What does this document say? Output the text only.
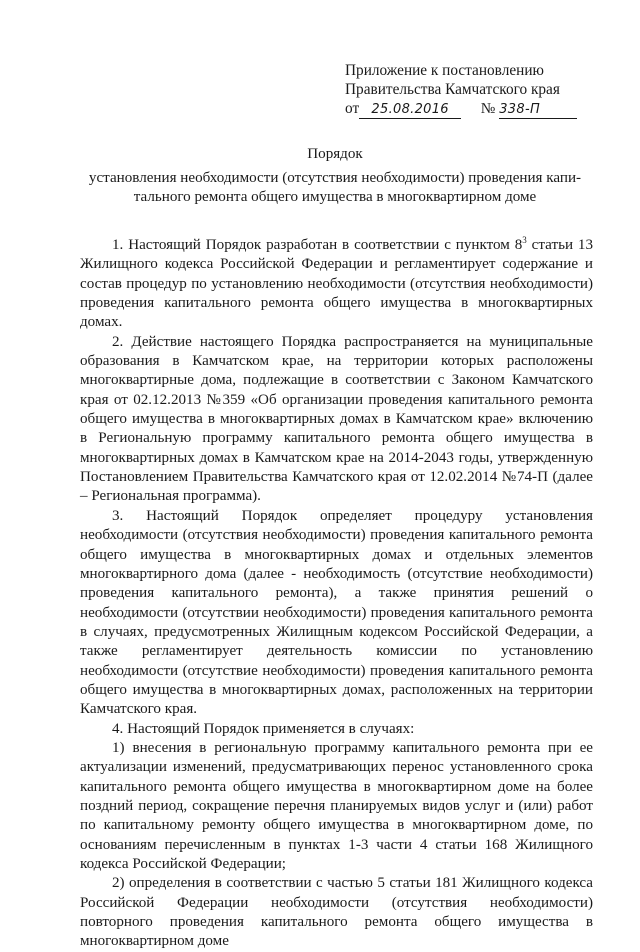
Приложение к постановлению
Правительства Камчатского края
от 25.08.2016 № 338-П
Порядок
установления необходимости (отсутствия необходимости) проведения капи-
тального ремонта общего имущества в многоквартирном доме

1. Настоящий Порядок разработан в соответствии с пунктом $8^3$ статьи 13 Жилищного кодекса Российской Федерации и регламентирует содержание и состав процедур по установлению необходимости (отсутствия необходимости) проведения капитального ремонта общего имущества в многоквартирных домах.

2. Действие настоящего Порядка распространяется на муниципальные образования в Камчатском крае, на территории которых расположены многоквартирные дома, подлежащие в соответствии с Законом Камчатского края от 02.12.2013 №359 «Об организации проведения капитального ремонта общего имущества в многоквартирных домах в Камчатском крае» включению в Региональную программу капитального ремонта общего имущества в многоквартирных домах в Камчатском крае на 2014-2043 годы, утвержденную Постановлением Правительства Камчатского края от 12.02.2014 №74-П (далее – Региональная программа).

3. Настоящий Порядок определяет процедуру установления необходимости (отсутствия необходимости) проведения капитального ремонта общего имущества в многоквартирных домах и отдельных элементов многоквартирного дома (далее - необходимость (отсутствие необходимости) проведения капитального ремонта), а также принятия решений о необходимости (отсутствии необходимости) проведения капитального ремонта в случаях, предусмотренных Жилищным кодексом Российской Федерации, а также регламентирует деятельность комиссии по установлению необходимости (отсутствие необходимости) проведения капитального ремонта общего имущества в многоквартирных домах, расположенных на территории Камчатского края.

4. Настоящий Порядок применяется в случаях:

1) внесения в региональную программу капитального ремонта при ее актуализации изменений, предусматривающих перенос установленного срока капитального ремонта общего имущества в многоквартирном доме на более поздний период, сокращение перечня планируемых видов услуг и (или) работ по капитальному ремонту общего имущества в многоквартирном доме, по основаниям перечисленным в пунктах 1-3 части 4 статьи 168 Жилищного кодекса Российской Федерации;

2) определения в соответствии с частью 5 статьи 181 Жилищного кодекса Российской Федерации необходимости (отсутствия необходимости) повторного проведения капитального ремонта общего имущества в многоквартирном доме
